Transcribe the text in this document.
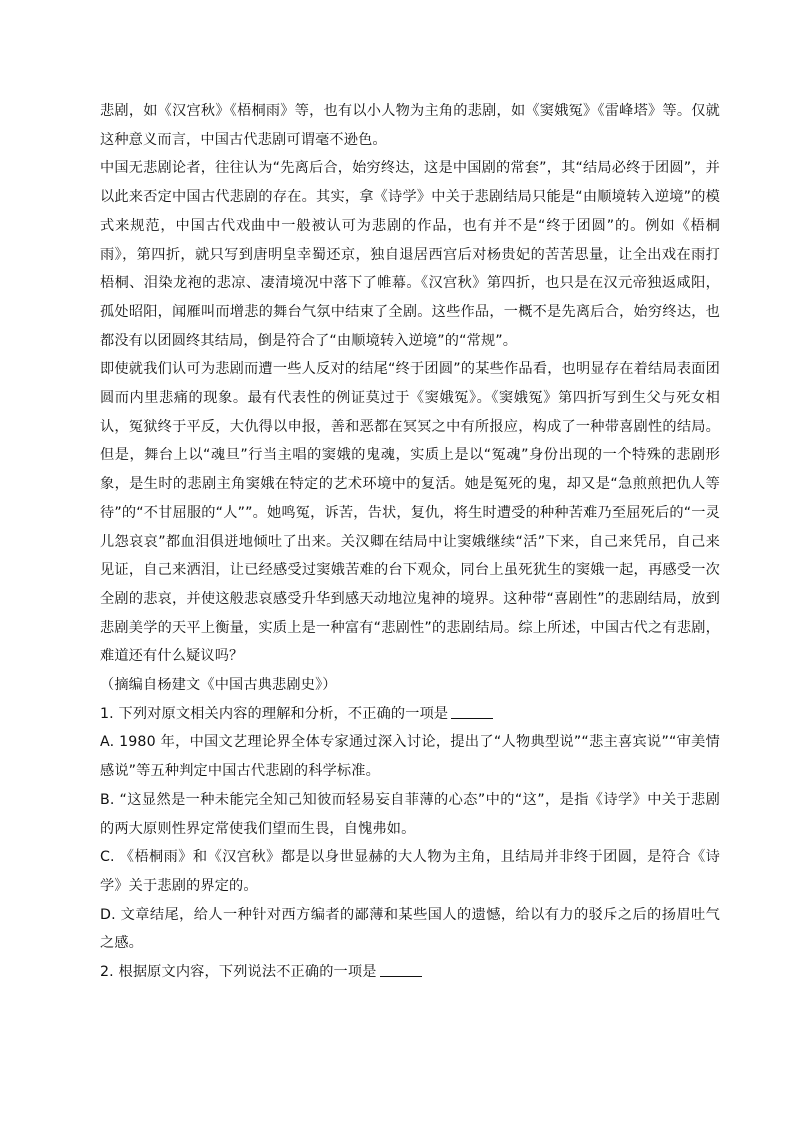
悲剧，如《汉宫秋》《梧桐雨》等，也有以小人物为主角的悲剧，如《窦娥冤》《雷峰塔》等。仅就这种意义而言，中国古代悲剧可谓毫不逊色。

中国无悲剧论者，往往认为“先离后合，始穷终达，这是中国剧的常套”，其“结局必终于团圆”，并以此来否定中国古代悲剧的存在。其实，拿《诗学》中关于悲剧结局只能是“由顺境转入逆境”的模式来规范，中国古代戏曲中一般被认可为悲剧的作品，也有并不是“终于团圆”的。例如《梧桐雨》，第四折，就只写到唐明皇幸蜀还京，独自退居西宫后对杨贵妃的苦苦思量，让全出戏在雨打梧桐、泪染龙袍的悲凉、凄清境况中落下了帷幕。《汉宫秋》第四折，也只是在汉元帝独返咸阳，孤处昭阳，闻雁叫而增悲的舞台气氛中结束了全剧。这些作品，一概不是先离后合，始穷终达，也都没有以团圆终其结局，倒是符合了“由顺境转入逆境”的“常规”。

即使就我们认可为悲剧而遭一些人反对的结尾“终于团圆”的某些作品看，也明显存在着结局表面团圆而内里悲痛的现象。最有代表性的例证莫过于《窦娥冤》。《窦娥冤》第四折写到生父与死女相认，冤狱终于平反，大仇得以申报，善和恶都在冥冥之中有所报应，构成了一种带喜剧性的结局。但是，舞台上以“魂旦”行当主唱的窦娥的鬼魂，实质上是以“冤魂”身份出现的一个特殊的悲剧形象，是生时的悲剧主角窦娥在特定的艺术环境中的复活。她是冤死的鬼，却又是“急煎煎把仇人等待”的“不甘屈服的“人””。她鸣冤，诉苦，告状，复仇，将生时遭受的种种苦难乃至屈死后的“一灵儿怨哀哀”都血泪俱迸地倾吐了出来。关汉卿在结局中让窦娥继续“活”下来，自己来凭吊，自己来见证，自己来洒泪，让已经感受过窦娥苦难的台下观众，同台上虽死犹生的窦娥一起，再感受一次全剧的悲哀，并使这般悲哀感受升华到感天动地泣鬼神的境界。这种带“喜剧性”的悲剧结局，放到悲剧美学的天平上衡量，实质上是一种富有“悲剧性”的悲剧结局。综上所述，中国古代之有悲剧，难道还有什么疑议吗？

（摘编自杨建文《中国古典悲剧史》）

1. 下列对原文相关内容的理解和分析，不正确的一项是

A. 1980 年，中国文艺理论界全体专家通过深入讨论，提出了“人物典型说”“悲主喜宾说”“审美情感说”等五种判定中国古代悲剧的科学标准。

B. “这显然是一种未能完全知己知彼而轻易妄自菲薄的心态”中的“这”，是指《诗学》中关于悲剧的两大原则性界定常使我们望而生畏，自愧弗如。

C. 《梧桐雨》和《汉宫秋》都是以身世显赫的大人物为主角，且结局并非终于团圆，是符合《诗学》关于悲剧的界定的。

D. 文章结尾，给人一种针对西方编者的鄙薄和某些国人的遗憾，给以有力的驳斥之后的扬眉吐气之感。

2. 根据原文内容，下列说法不正确的一项是
